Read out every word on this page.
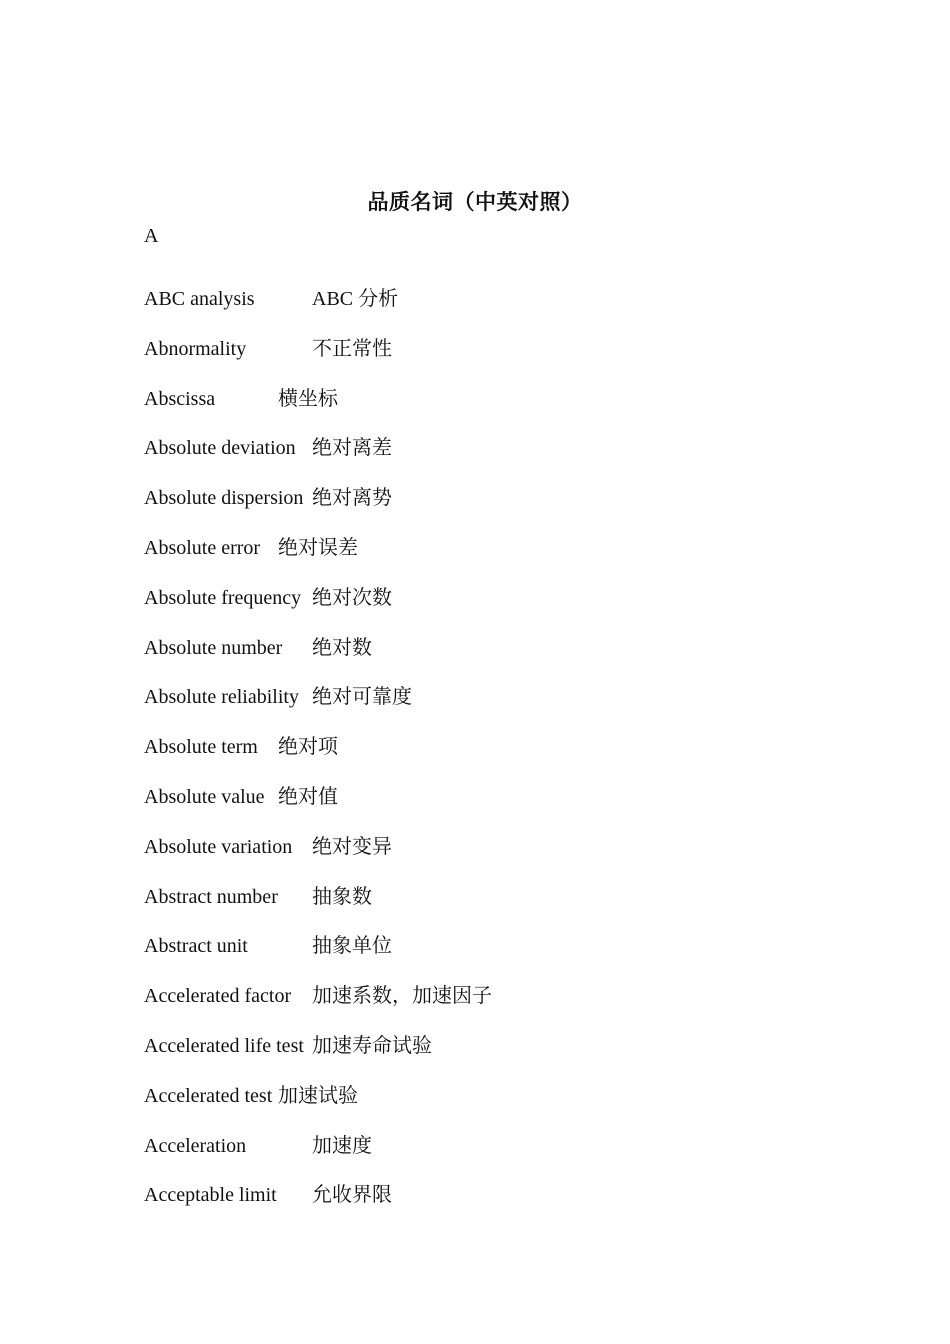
品质名词（中英对照）
A
ABC analysis	ABC 分析
Abnormality	不正常性
Abscissa	横坐标
Absolute deviation 绝对离差
Absolute dispersion 绝对离势
Absolute error 绝对误差
Absolute frequency 绝对次数
Absolute number 绝对数
Absolute reliability 绝对可靠度
Absolute term 绝对项
Absolute value 绝对值
Absolute variation 绝对变异
Abstract number 抽象数
Abstract unit	抽象单位
Accelerated factor 加速系数，加速因子
Accelerated life test 加速寿命试验
Accelerated test 加速试验
Acceleration	加速度
Acceptable limit 允收界限
